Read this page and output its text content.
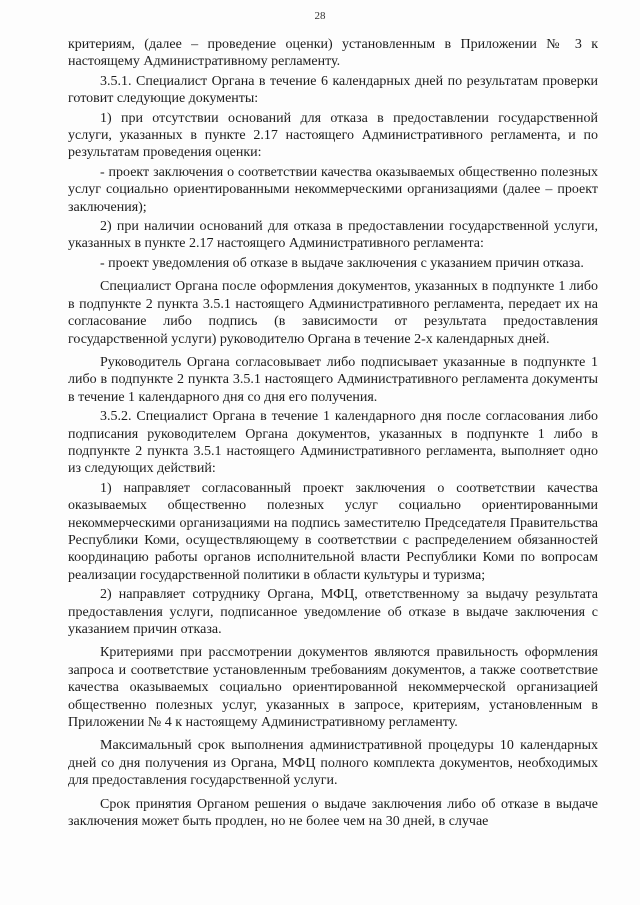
28

критериям, (далее – проведение оценки) установленным в Приложении № 3 к настоящему Административному регламенту.

3.5.1. Специалист Органа в течение 6 календарных дней по результатам проверки готовит следующие документы:

1) при отсутствии оснований для отказа в предоставлении государственной услуги, указанных в пункте 2.17 настоящего Административного регламента, и по результатам проведения оценки:

- проект заключения о соответствии качества оказываемых общественно полезных услуг социально ориентированными некоммерческими организациями (далее – проект заключения);

2) при наличии оснований для отказа в предоставлении государственной услуги, указанных в пункте 2.17 настоящего Административного регламента:

- проект уведомления об отказе в выдаче заключения с указанием причин отказа.

Специалист Органа после оформления документов, указанных в подпункте 1 либо в подпункте 2 пункта 3.5.1 настоящего Административного регламента, передает их на согласование либо подпись (в зависимости от результата предоставления государственной услуги) руководителю Органа в течение 2-х календарных дней.

Руководитель Органа согласовывает либо подписывает указанные в подпункте 1 либо в подпункте 2 пункта 3.5.1 настоящего Административного регламента документы в течение 1 календарного дня со дня его получения.

3.5.2. Специалист Органа в течение 1 календарного дня после согласования либо подписания руководителем Органа документов, указанных в подпункте 1 либо в подпункте 2 пункта 3.5.1 настоящего Административного регламента, выполняет одно из следующих действий:

1) направляет согласованный проект заключения о соответствии качества оказываемых общественно полезных услуг социально ориентированными некоммерческими организациями на подпись заместителю Председателя Правительства Республики Коми, осуществляющему в соответствии с распределением обязанностей координацию работы органов исполнительной власти Республики Коми по вопросам реализации государственной политики в области культуры и туризма;

2) направляет сотруднику Органа, МФЦ, ответственному за выдачу результата предоставления услуги, подписанное уведомление об отказе в выдаче заключения с указанием причин отказа.

Критериями при рассмотрении документов являются правильность оформления запроса и соответствие установленным требованиям документов, а также соответствие качества оказываемых социально ориентированной некоммерческой организацией общественно полезных услуг, указанных в запросе, критериям, установленным в Приложении № 4 к настоящему Административному регламенту.

Максимальный срок выполнения административной процедуры 10 календарных дней со дня получения из Органа, МФЦ полного комплекта документов, необходимых для предоставления государственной услуги.

Срок принятия Органом решения о выдаче заключения либо об отказе в выдаче заключения может быть продлен, но не более чем на 30 дней, в случае
